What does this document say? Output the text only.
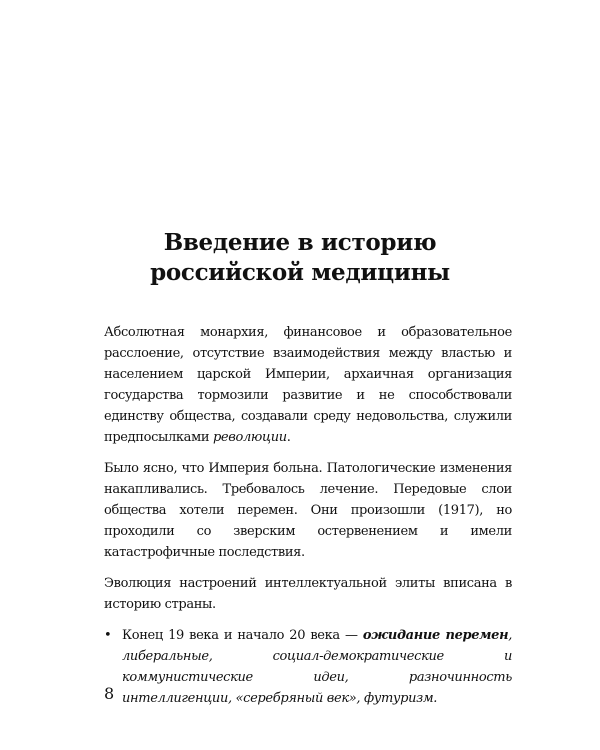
Введение в историю
российской медицины

Абсолютная монархия, финансовое и образовательное расслоение, отсутствие взаимодействия между властью и населением царской Империи, архаичная организация государства тормозили развитие и не способствовали единству общества, создавали среду недовольства, служили предпосылками революции.

Было ясно, что Империя больна. Патологические изменения накапливались. Требовалось лечение. Передовые слои общества хотели перемен. Они произошли (1917), но проходили со зверским остервенением и имели катастрофичные последствия.

Эволюция настроений интеллектуальной элиты вписана в историю страны.

• Конец 19 века и начало 20 века — ожидание перемен, либеральные, социал-демократические и коммунистические идеи, разночинность интеллигенции, «серебряный век», футуризм.

8
